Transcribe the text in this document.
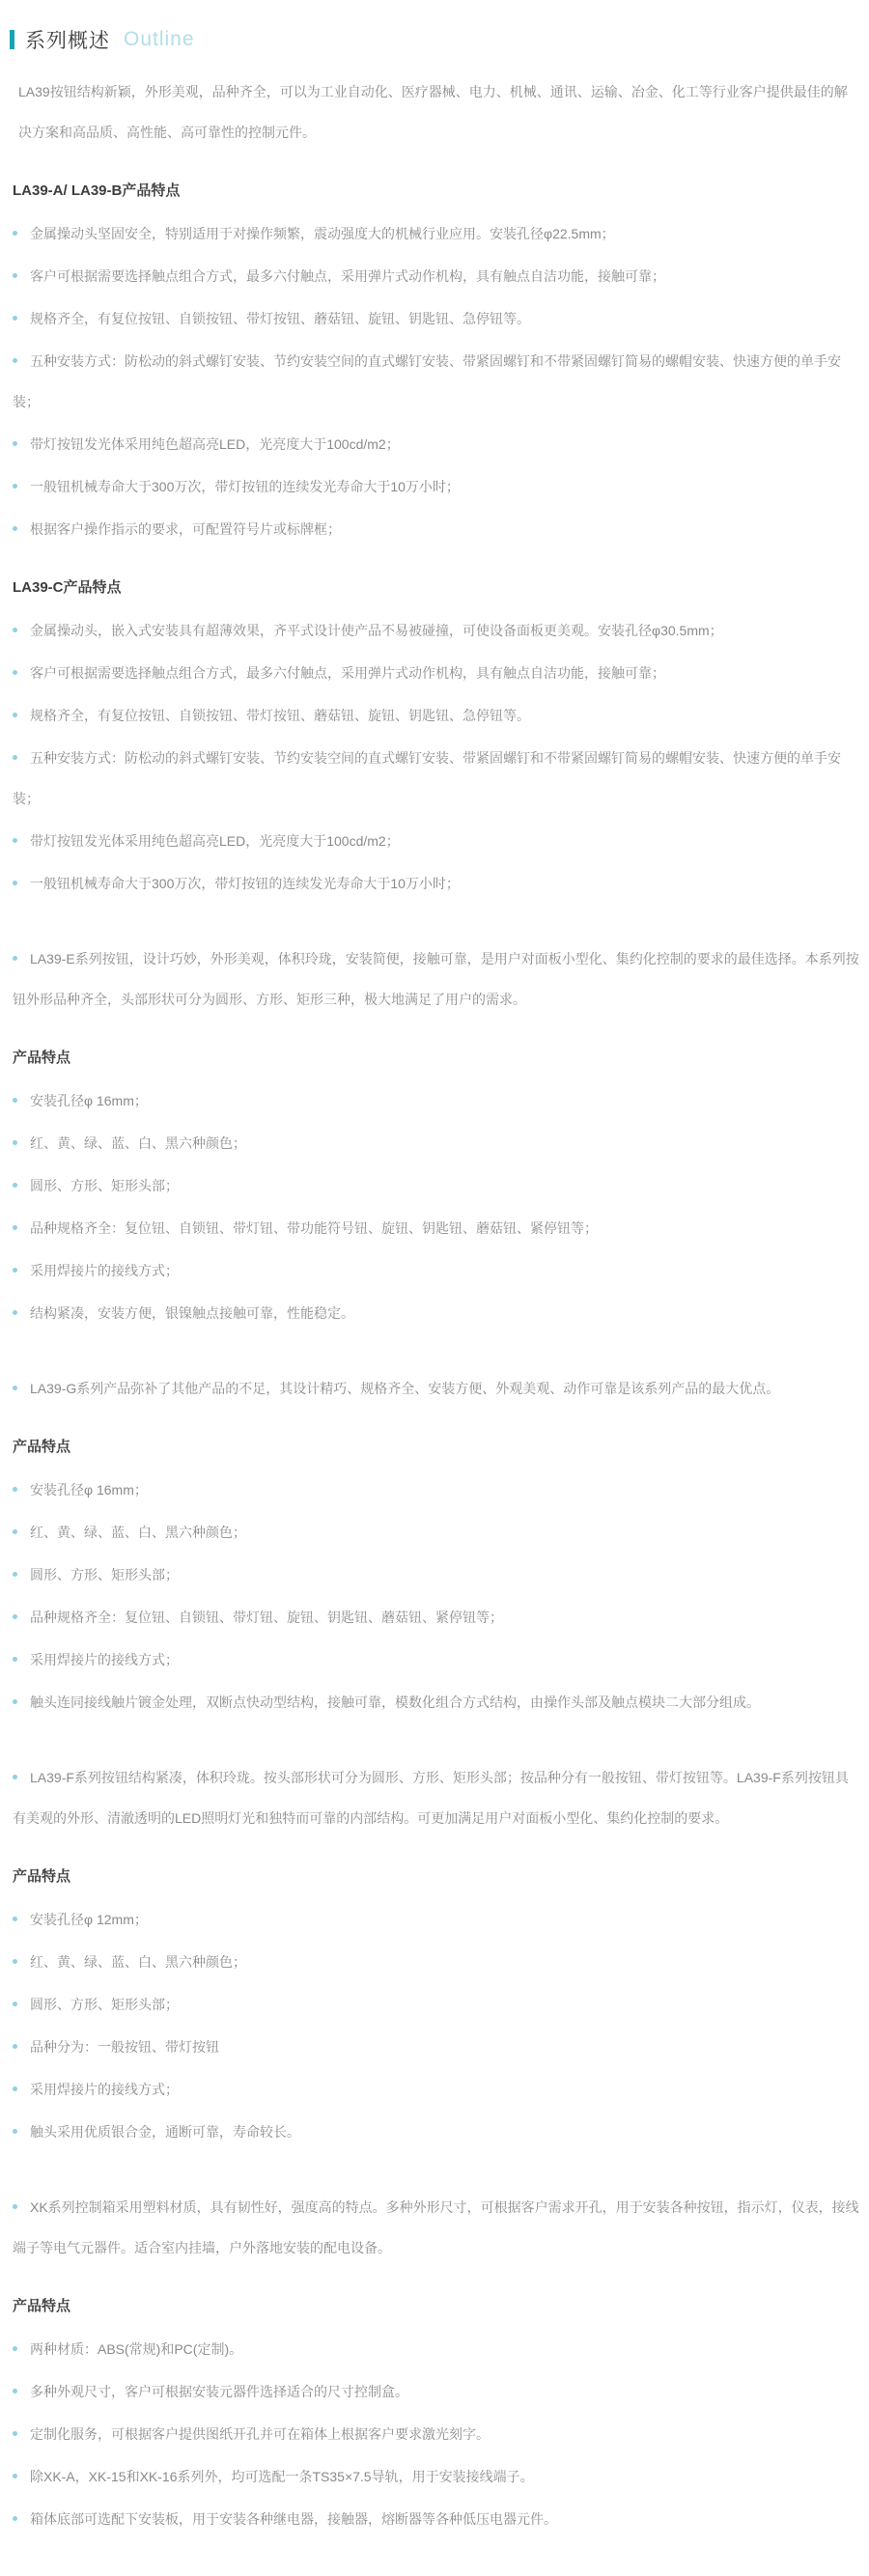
系列概述 Outline

LA39按钮结构新颖，外形美观，品种齐全，可以为工业自动化、医疗器械、电力、机械、通讯、运输、冶金、化工等行业客户提供最佳的解决方案和高品质、高性能、高可靠性的控制元件。

LA39-A/ LA39-B产品特点
金属操动头坚固安全，特别适用于对操作频繁，震动强度大的机械行业应用。安装孔径φ22.5mm；
客户可根据需要选择触点组合方式，最多六付触点，采用弹片式动作机构，具有触点自洁功能，接触可靠；
规格齐全，有复位按钮、自锁按钮、带灯按钮、蘑菇钮、旋钮、钥匙钮、急停钮等。
五种安装方式：防松动的斜式螺钉安装、节约安装空间的直式螺钉安装、带紧固螺钉和不带紧固螺钉简易的螺帽安装、快速方便的单手安装；
带灯按钮发光体采用纯色超高亮LED，光亮度大于100cd/m2；
一般钮机械寿命大于300万次，带灯按钮的连续发光寿命大于10万小时；
根据客户操作指示的要求，可配置符号片或标牌框；
LA39-C产品特点
金属操动头，嵌入式安装具有超薄效果，齐平式设计使产品不易被碰撞，可使设备面板更美观。安装孔径φ30.5mm；
客户可根据需要选择触点组合方式，最多六付触点，采用弹片式动作机构，具有触点自洁功能，接触可靠；
规格齐全，有复位按钮、自锁按钮、带灯按钮、蘑菇钮、旋钮、钥匙钮、急停钮等。
五种安装方式：防松动的斜式螺钉安装、节约安装空间的直式螺钉安装、带紧固螺钉和不带紧固螺钉简易的螺帽安装、快速方便的单手安装；
带灯按钮发光体采用纯色超高亮LED，光亮度大于100cd/m2；
一般钮机械寿命大于300万次，带灯按钮的连续发光寿命大于10万小时；
LA39-E系列按钮，设计巧妙，外形美观，体积玲珑，安装简便，接触可靠，是用户对面板小型化、集约化控制的要求的最佳选择。本系列按钮外形品种齐全，头部形状可分为圆形、方形、矩形三种，极大地满足了用户的需求。
产品特点
安装孔径φ 16mm；
红、黄、绿、蓝、白、黑六种颜色；
圆形、方形、矩形头部；
品种规格齐全：复位钮、自锁钮、带灯钮、带功能符号钮、旋钮、钥匙钮、蘑菇钮、紧停钮等；
采用焊接片的接线方式；
结构紧凑，安装方便，银镍触点接触可靠，性能稳定。
LA39-G系列产品弥补了其他产品的不足，其设计精巧、规格齐全、安装方便、外观美观、动作可靠是该系列产品的最大优点。
产品特点
安装孔径φ 16mm；
红、黄、绿、蓝、白、黑六种颜色；
圆形、方形、矩形头部；
品种规格齐全：复位钮、自锁钮、带灯钮、旋钮、钥匙钮、蘑菇钮、紧停钮等；
采用焊接片的接线方式；
触头连同接线触片镀金处理，双断点快动型结构，接触可靠，模数化组合方式结构，由操作头部及触点模块二大部分组成。
LA39-F系列按钮结构紧凑，体积玲珑。按头部形状可分为圆形、方形、矩形头部；按品种分有一般按钮、带灯按钮等。LA39-F系列按钮具有美观的外形、清澈透明的LED照明灯光和独特而可靠的内部结构。可更加满足用户对面板小型化、集约化控制的要求。
产品特点
安装孔径φ 12mm；
红、黄、绿、蓝、白、黑六种颜色；
圆形、方形、矩形头部；
品种分为：一般按钮、带灯按钮
采用焊接片的接线方式；
触头采用优质银合金，通断可靠，寿命较长。
XK系列控制箱采用塑料材质，具有韧性好，强度高的特点。多种外形尺寸，可根据客户需求开孔，用于安装各种按钮，指示灯，仪表，接线端子等电气元器件。适合室内挂墙，户外落地安装的配电设备。
产品特点
两种材质：ABS(常规)和PC(定制)。
多种外观尺寸，客户可根据安装元器件选择适合的尺寸控制盒。
定制化服务，可根据客户提供图纸开孔并可在箱体上根据客户要求激光刻字。
除XK-A，XK-15和XK-16系列外，均可选配一条TS35×7.5导轨，用于安装接线端子。
箱体底部可选配下安装板，用于安装各种继电器，接触器，熔断器等各种低压电器元件。
